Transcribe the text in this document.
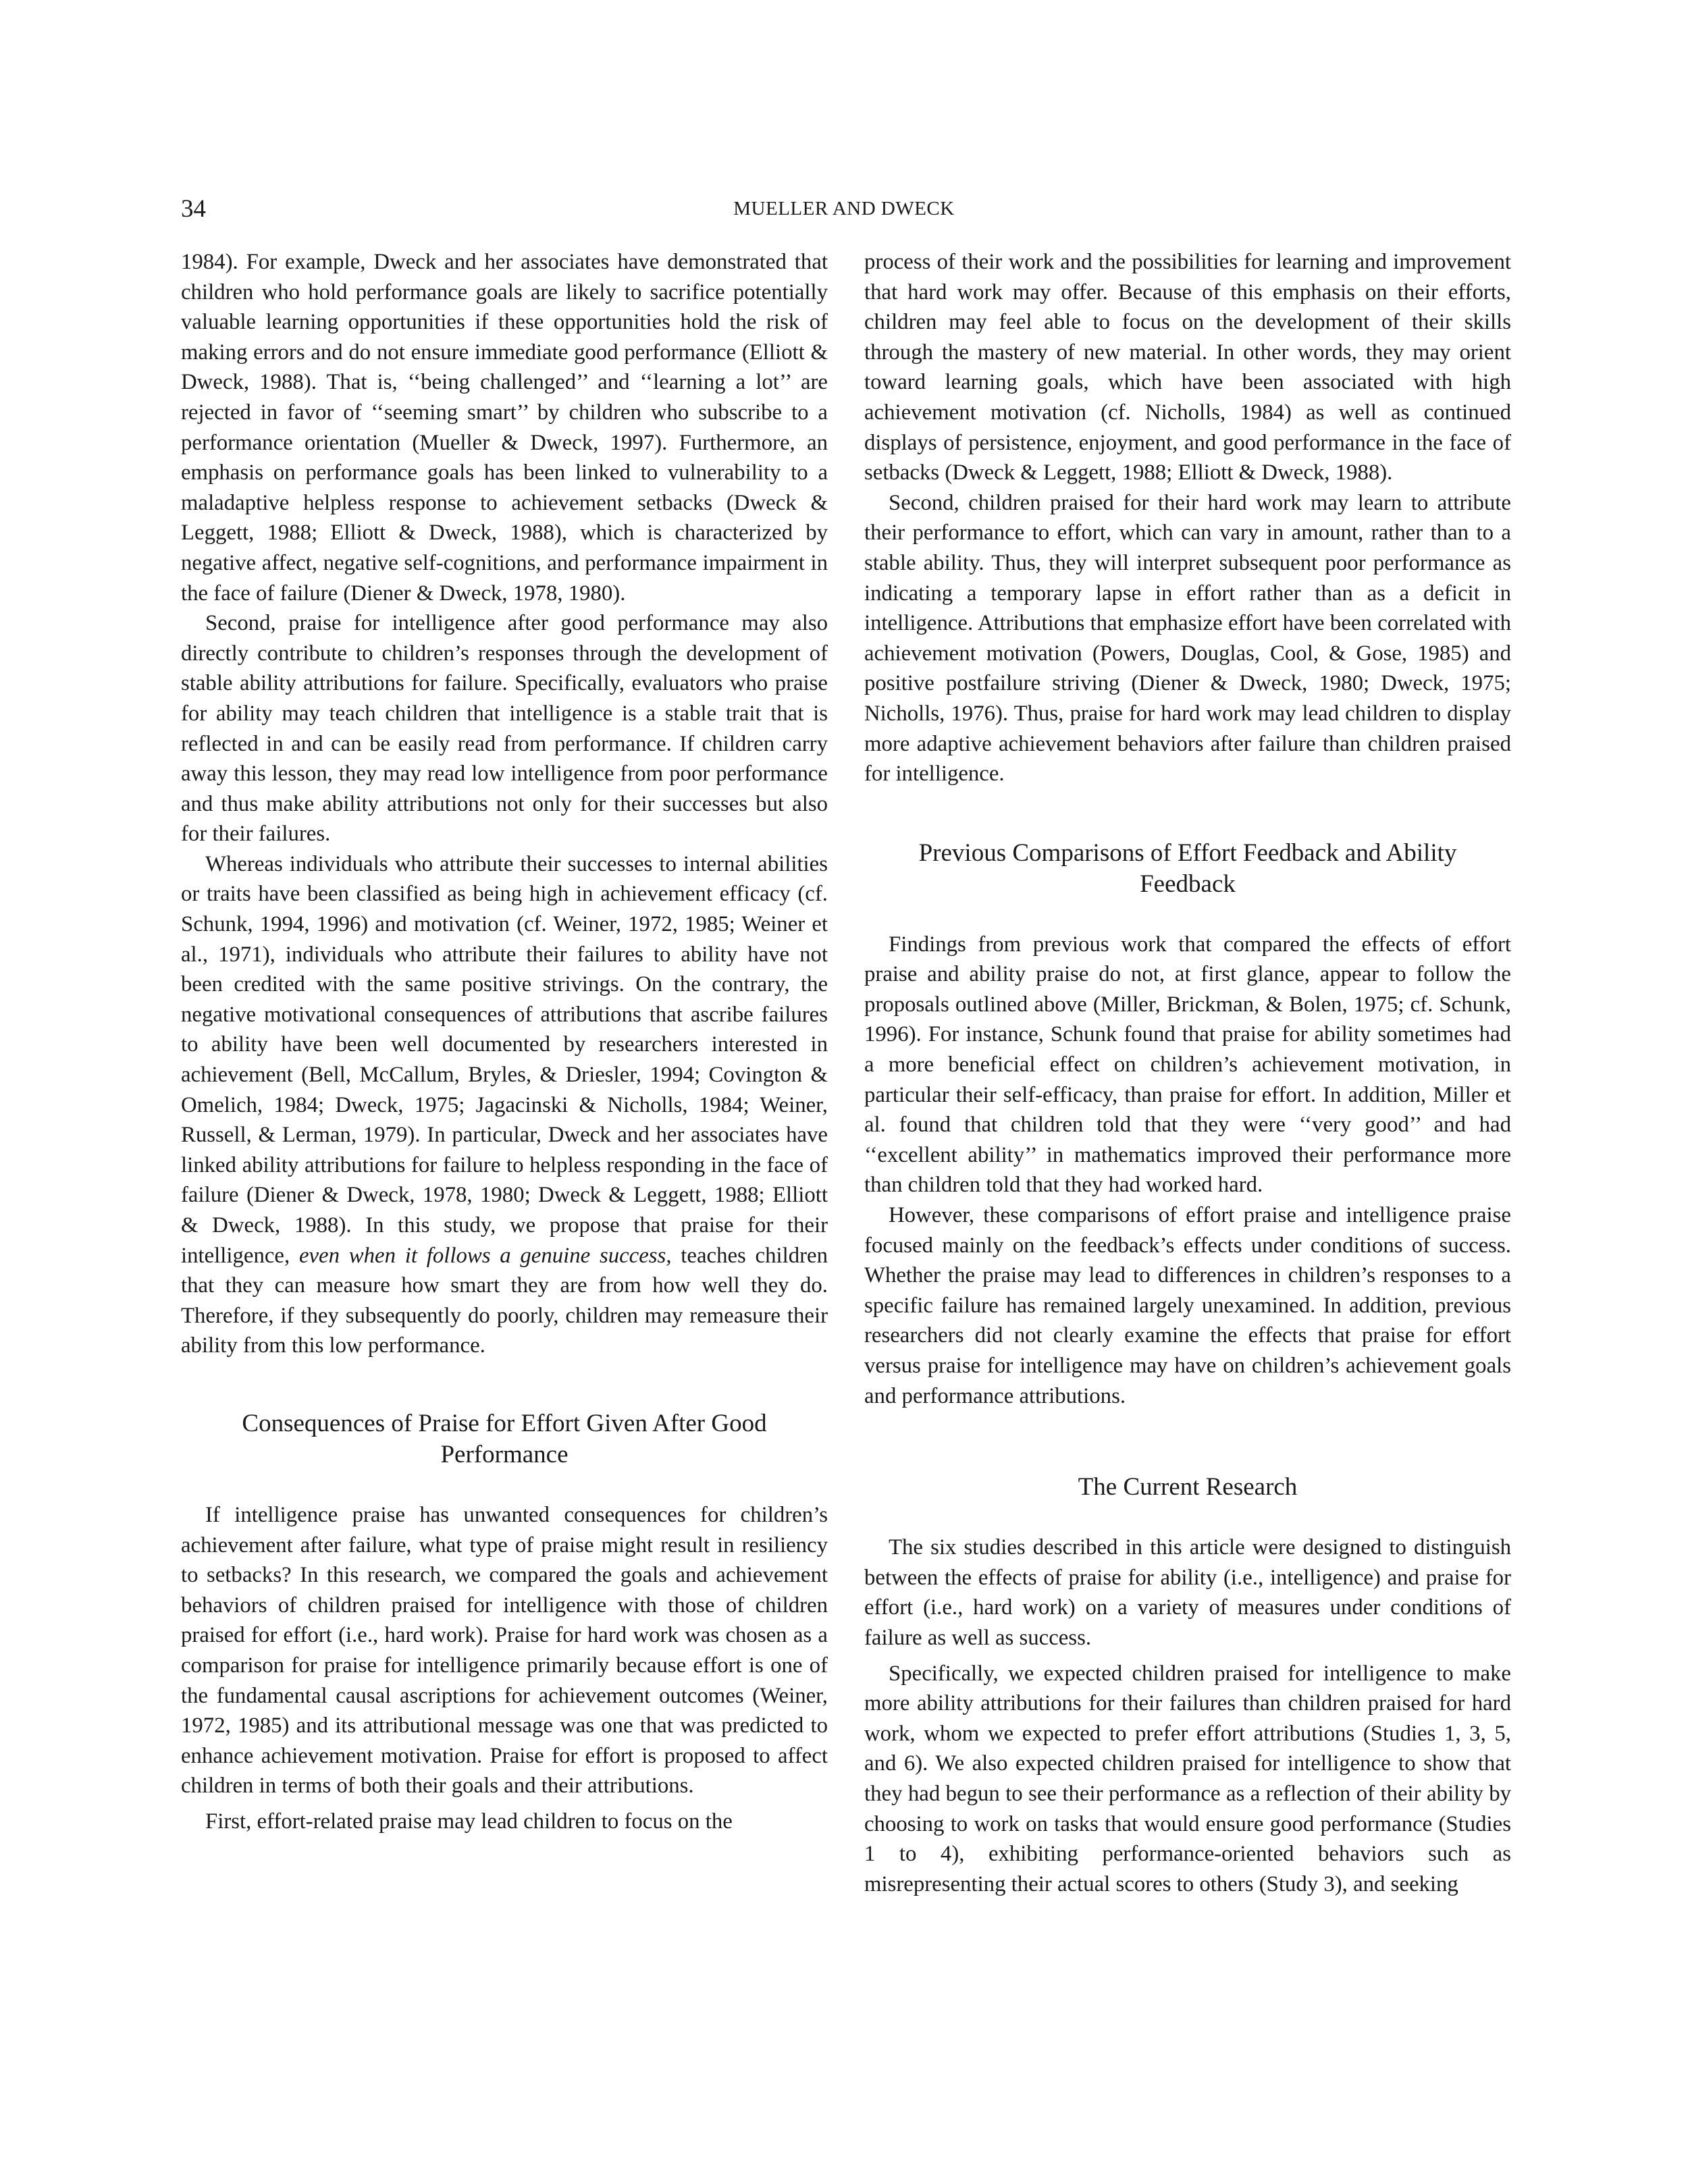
34	MUELLER AND DWECK

1984). For example, Dweck and her associates have demonstrated that children who hold performance goals are likely to sacrifice potentially valuable learning opportunities if these opportunities hold the risk of making errors and do not ensure immediate good performance (Elliott & Dweck, 1988). That is, ‘‘being challenged’’ and ‘‘learning a lot’’ are rejected in favor of ‘‘seeming smart’’ by children who subscribe to a performance orientation (Mueller & Dweck, 1997). Furthermore, an emphasis on performance goals has been linked to vulnerability to a maladaptive helpless response to achievement setbacks (Dweck & Leggett, 1988; Elliott & Dweck, 1988), which is characterized by negative affect, negative self-cognitions, and performance impairment in the face of failure (Diener & Dweck, 1978, 1980).

Second, praise for intelligence after good performance may also directly contribute to children’s responses through the development of stable ability attributions for failure. Specifically, evaluators who praise for ability may teach children that intelligence is a stable trait that is reflected in and can be easily read from performance. If children carry away this lesson, they may read low intelligence from poor performance and thus make ability attributions not only for their successes but also for their failures.

Whereas individuals who attribute their successes to internal abilities or traits have been classified as being high in achievement efficacy (cf. Schunk, 1994, 1996) and motivation (cf. Weiner, 1972, 1985; Weiner et al., 1971), individuals who attribute their failures to ability have not been credited with the same positive strivings. On the contrary, the negative motivational consequences of attributions that ascribe failures to ability have been well documented by researchers interested in achievement (Bell, McCallum, Bryles, & Driesler, 1994; Covington & Omelich, 1984; Dweck, 1975; Jagacinski & Nicholls, 1984; Weiner, Russell, & Lerman, 1979). In particular, Dweck and her associates have linked ability attributions for failure to helpless responding in the face of failure (Diener & Dweck, 1978, 1980; Dweck & Leggett, 1988; Elliott & Dweck, 1988). In this study, we propose that praise for their intelligence, even when it follows a genuine success, teaches children that they can measure how smart they are from how well they do. Therefore, if they subsequently do poorly, children may remeasure their ability from this low performance.

Consequences of Praise for Effort Given After Good Performance

If intelligence praise has unwanted consequences for children’s achievement after failure, what type of praise might result in resiliency to setbacks? In this research, we compared the goals and achievement behaviors of children praised for intelligence with those of children praised for effort (i.e., hard work). Praise for hard work was chosen as a comparison for praise for intelligence primarily because effort is one of the fundamental causal ascriptions for achievement outcomes (Weiner, 1972, 1985) and its attributional message was one that was predicted to enhance achievement motivation. Praise for effort is proposed to affect children in terms of both their goals and their attributions.

First, effort-related praise may lead children to focus on the

process of their work and the possibilities for learning and improvement that hard work may offer. Because of this emphasis on their efforts, children may feel able to focus on the development of their skills through the mastery of new material. In other words, they may orient toward learning goals, which have been associated with high achievement motivation (cf. Nicholls, 1984) as well as continued displays of persistence, enjoyment, and good performance in the face of setbacks (Dweck & Leggett, 1988; Elliott & Dweck, 1988).

Second, children praised for their hard work may learn to attribute their performance to effort, which can vary in amount, rather than to a stable ability. Thus, they will interpret subsequent poor performance as indicating a temporary lapse in effort rather than as a deficit in intelligence. Attributions that emphasize effort have been correlated with achievement motivation (Powers, Douglas, Cool, & Gose, 1985) and positive postfailure striving (Diener & Dweck, 1980; Dweck, 1975; Nicholls, 1976). Thus, praise for hard work may lead children to display more adaptive achievement behaviors after failure than children praised for intelligence.

Previous Comparisons of Effort Feedback and Ability Feedback

Findings from previous work that compared the effects of effort praise and ability praise do not, at first glance, appear to follow the proposals outlined above (Miller, Brickman, & Bolen, 1975; cf. Schunk, 1996). For instance, Schunk found that praise for ability sometimes had a more beneficial effect on children’s achievement motivation, in particular their self-efficacy, than praise for effort. In addition, Miller et al. found that children told that they were ‘‘very good’’ and had ‘‘excellent ability’’ in mathematics improved their performance more than children told that they had worked hard.

However, these comparisons of effort praise and intelligence praise focused mainly on the feedback’s effects under conditions of success. Whether the praise may lead to differences in children’s responses to a specific failure has remained largely unexamined. In addition, previous researchers did not clearly examine the effects that praise for effort versus praise for intelligence may have on children’s achievement goals and performance attributions.

The Current Research

The six studies described in this article were designed to distinguish between the effects of praise for ability (i.e., intelligence) and praise for effort (i.e., hard work) on a variety of measures under conditions of failure as well as success.

Specifically, we expected children praised for intelligence to make more ability attributions for their failures than children praised for hard work, whom we expected to prefer effort attributions (Studies 1, 3, 5, and 6). We also expected children praised for intelligence to show that they had begun to see their performance as a reflection of their ability by choosing to work on tasks that would ensure good performance (Studies 1 to 4), exhibiting performance-oriented behaviors such as misrepresenting their actual scores to others (Study 3), and seeking
